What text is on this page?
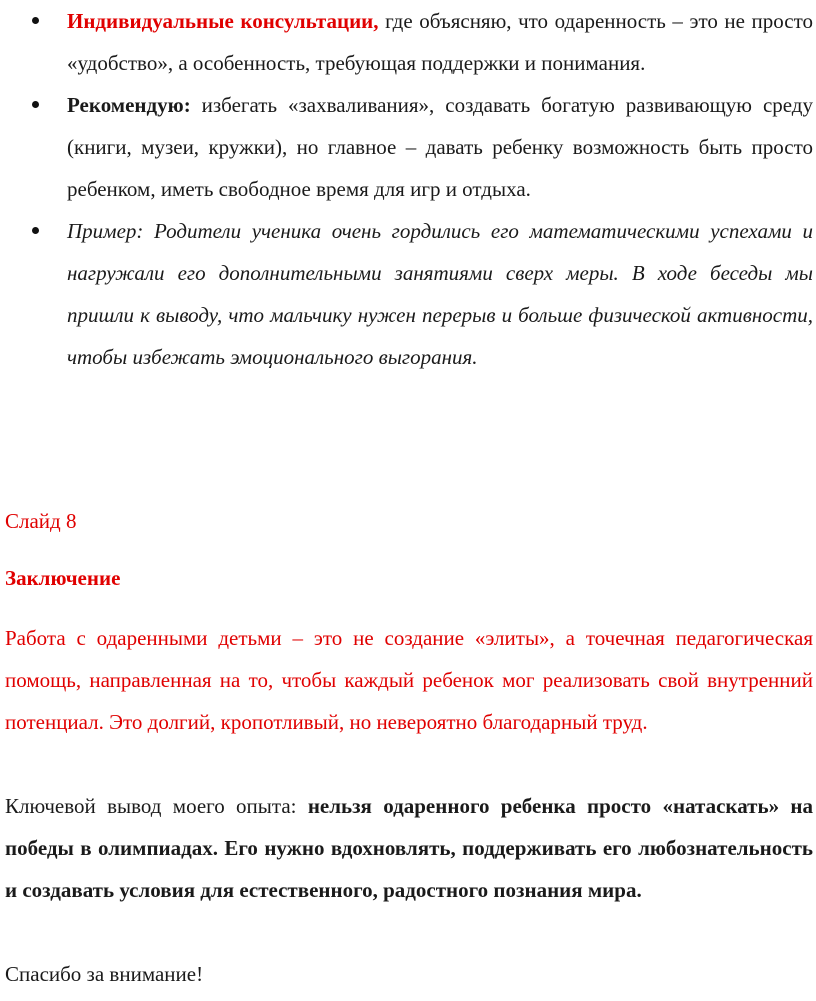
Индивидуальные консультации, где объясняю, что одаренность – это не просто «удобство», а особенность, требующая поддержки и понимания.
Рекомендую: избегать «захваливания», создавать богатую развивающую среду (книги, музеи, кружки), но главное – давать ребенку возможность быть просто ребенком, иметь свободное время для игр и отдыха.
Пример: Родители ученика очень гордились его математическими успехами и нагружали его дополнительными занятиями сверх меры. В ходе беседы мы пришли к выводу, что мальчику нужен перерыв и больше физической активности, чтобы избежать эмоционального выгорания.
Слайд 8
Заключение

Работа с одаренными детьми – это не создание «элиты», а точечная педагогическая помощь, направленная на то, чтобы каждый ребенок мог реализовать свой внутренний потенциал. Это долгий, кропотливый, но невероятно благодарный труд.

Ключевой вывод моего опыта: нельзя одаренного ребенка просто «натаскать» на победы в олимпиадах. Его нужно вдохновлять, поддерживать его любознательность и создавать условия для естественного, радостного познания мира.

Спасибо за внимание!
